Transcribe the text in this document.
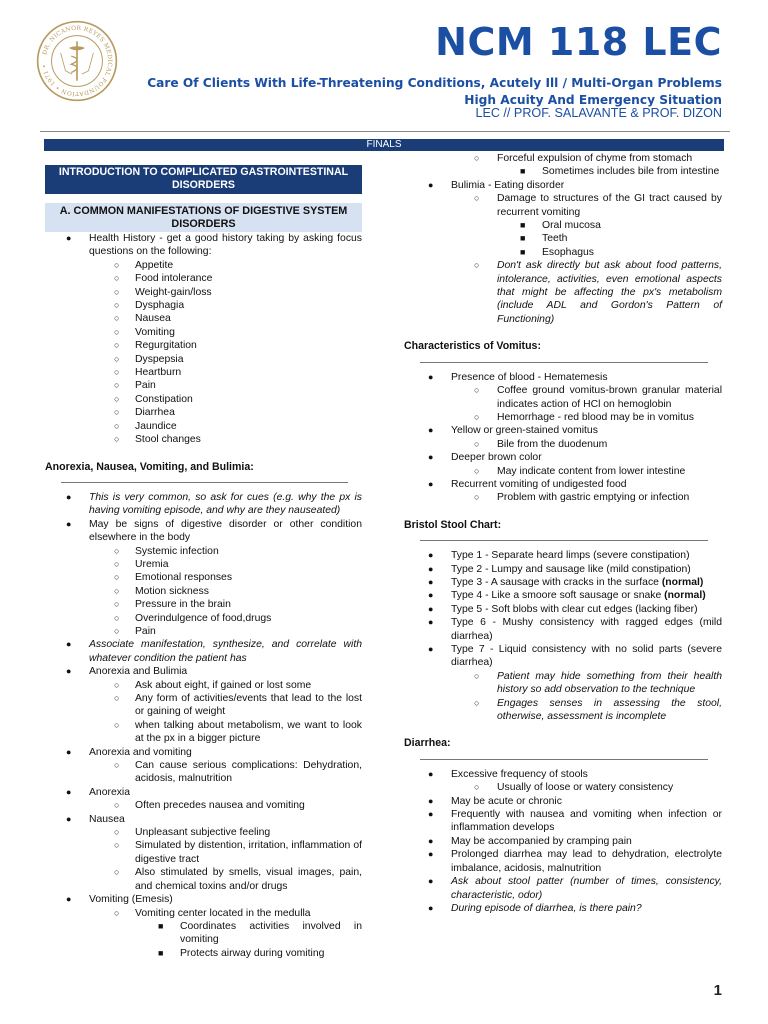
DR. NICANOR REYES MEDICAL FOUNDATION • 1971 •
NCM 118 LEC
Care Of Clients With Life-Threatening Conditions, Acutely Ill / Multi-Organ Problems High Acuity And Emergency Situation
LEC // PROF. SALAVANTE & PROF. DIZON
FINALS
INTRODUCTION TO COMPLICATED GASTROINTESTINAL DISORDERS
A. COMMON MANIFESTATIONS OF DIGESTIVE SYSTEM DISORDERS
● Health History - get a good history taking by asking focus questions on the following:
○ Appetite
○ Food intolerance
○ Weight-gain/loss
○ Dysphagia
○ Nausea
○ Vomiting
○ Regurgitation
○ Dyspepsia
○ Heartburn
○ Pain
○ Constipation
○ Diarrhea
○ Jaundice
○ Stool changes
Anorexia, Nausea, Vomiting, and Bulimia:
● This is very common, so ask for cues (e.g. why the px is having vomiting episode, and why are they nauseated)
● May be signs of digestive disorder or other condition elsewhere in the body
○ Systemic infection
○ Uremia
○ Emotional responses
○ Motion sickness
○ Pressure in the brain
○ Overindulgence of food,drugs
○ Pain
● Associate manifestation, synthesize, and correlate with whatever condition the patient has
● Anorexia and Bulimia
○ Ask about eight, if gained or lost some
○ Any form of activities/events that lead to the lost or gaining of weight
○ when talking about metabolism, we want to look at the px in a bigger picture
● Anorexia and vomiting
○ Can cause serious complications: Dehydration, acidosis, malnutrition
● Anorexia
○ Often precedes nausea and vomiting
● Nausea
○ Unpleasant subjective feeling
○ Simulated by distention, irritation, inflammation of digestive tract
○ Also stimulated by smells, visual images, pain, and chemical toxins and/or drugs
● Vomiting (Emesis)
○ Vomiting center located in the medulla
■ Coordinates activities involved in vomiting
■ Protects airway during vomiting
○ Forceful expulsion of chyme from stomach
■ Sometimes includes bile from intestine
● Bulimia - Eating disorder
○ Damage to structures of the GI tract caused by recurrent vomiting
■ Oral mucosa
■ Teeth
■ Esophagus
○ Don't ask directly but ask about food patterns, intolerance, activities, even emotional aspects that might be affecting the px's metabolism (include ADL and Gordon's Pattern of Functioning)
Characteristics of Vomitus:
● Presence of blood - Hematemesis
○ Coffee ground vomitus-brown granular material indicates action of HCl on hemoglobin
○ Hemorrhage - red blood may be in vomitus
● Yellow or green-stained vomitus
○ Bile from the duodenum
● Deeper brown color
○ May indicate content from lower intestine
● Recurrent vomiting of undigested food
○ Problem with gastric emptying or infection
Bristol Stool Chart:
● Type 1 - Separate heard limps (severe constipation)
● Type 2 - Lumpy and sausage like (mild constipation)
● Type 3 - A sausage with cracks in the surface (normal)
● Type 4 - Like a smoore soft sausage or snake (normal)
● Type 5 - Soft blobs with clear cut edges (lacking fiber)
● Type 6 - Mushy consistency with ragged edges (mild diarrhea)
● Type 7 - Liquid consistency with no solid parts (severe diarrhea)
○ Patient may hide something from their health history so add observation to the technique
○ Engages senses in assessing the stool, otherwise, assessment is incomplete
Diarrhea:
● Excessive frequency of stools
○ Usually of loose or watery consistency
● May be acute or chronic
● Frequently with nausea and vomiting when infection or inflammation develops
● May be accompanied by cramping pain
● Prolonged diarrhea may lead to dehydration, electrolyte imbalance, acidosis, malnutrition
● Ask about stool patter (number of times, consistency, characteristic, odor)
● During episode of diarrhea, is there pain?
1
